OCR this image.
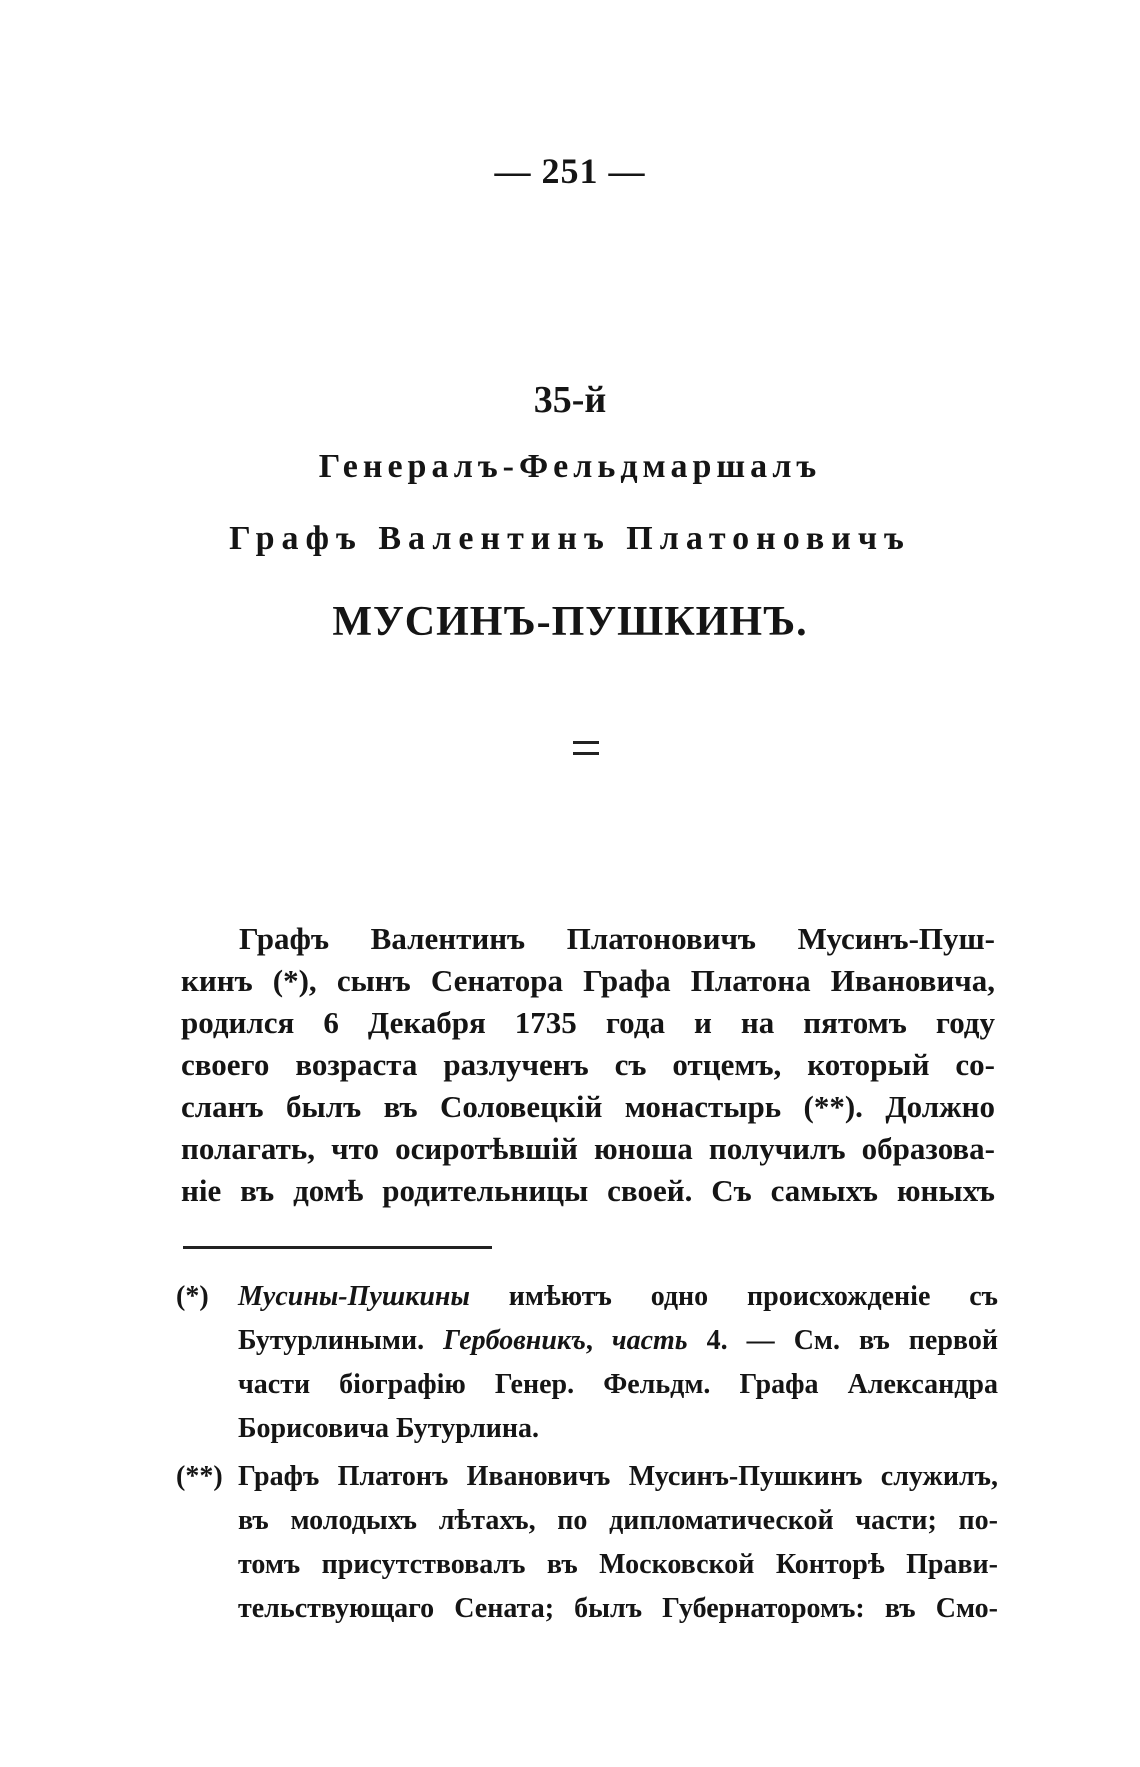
— 251 —
35-й
Генералъ-Фельдмаршалъ
Графъ Валентинъ Платоновичъ
МУСИНЪ-ПУШКИНЪ.
Графъ Валентинъ Платоновичъ Мусинъ-Пуш-
кинъ (*), сынъ Сенатора Графа Платона Ивановича,
родился 6 Декабря 1735 года и на пятомъ году
своего возраста разлученъ съ отцемъ, который со-
сланъ былъ въ Соловецкій монастырь (**). Должно
полагать, что осиротѣвшій юноша получилъ образова-
ніе въ домѣ родительницы своей. Съ самыхъ юныхъ
(*) Мусины-Пушкины имѣютъ одно происхожденіе съ
Бутурлиными. Гербовникъ, часть 4. — См. въ первой
части біографію Генер. Фельдм. Графа Александра
Борисовича Бутурлина.
(**) Графъ Платонъ Ивановичъ Мусинъ-Пушкинъ служилъ,
въ молодыхъ лѣтахъ, по дипломатической части; по-
томъ присутствовалъ въ Московской Конторѣ Прави-
тельствующаго Сената; былъ Губернаторомъ: въ Смо-
